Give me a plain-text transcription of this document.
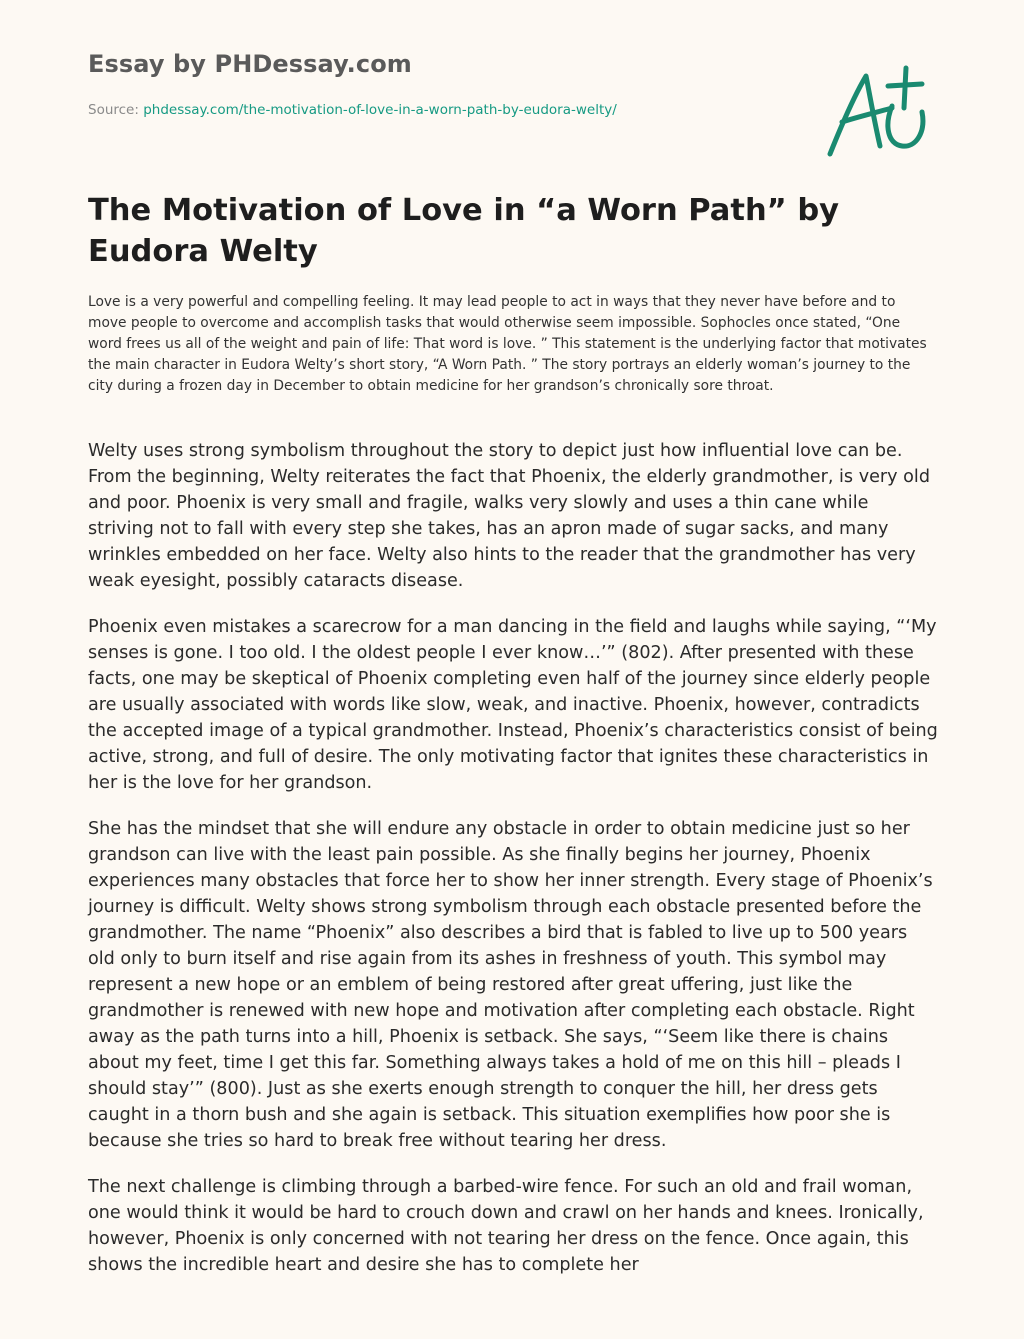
Essay by PHDessay.com
Source: phdessay.com/the-motivation-of-love-in-a-worn-path-by-eudora-welty/
The Motivation of Love in “a Worn Path” by Eudora Welty

Love is a very powerful and compelling feeling. It may lead people to act in ways that they never have before and to move people to overcome and accomplish tasks that would otherwise seem impossible. Sophocles once stated, “One word frees us all of the weight and pain of life: That word is love. ” This statement is the underlying factor that motivates the main character in Eudora Welty’s short story, “A Worn Path. ” The story portrays an elderly woman’s journey to the city during a frozen day in December to obtain medicine for her grandson’s chronically sore throat.

Welty uses strong symbolism throughout the story to depict just how influential love can be. From the beginning, Welty reiterates the fact that Phoenix, the elderly grandmother, is very old and poor. Phoenix is very small and fragile, walks very slowly and uses a thin cane while striving not to fall with every step she takes, has an apron made of sugar sacks, and many wrinkles embedded on her face. Welty also hints to the reader that the grandmother has very weak eyesight, possibly cataracts disease.

Phoenix even mistakes a scarecrow for a man dancing in the field and laughs while saying, “‘My senses is gone. I too old. I the oldest people I ever know…’” (802). After presented with these facts, one may be skeptical of Phoenix completing even half of the journey since elderly people are usually associated with words like slow, weak, and inactive. Phoenix, however, contradicts the accepted image of a typical grandmother. Instead, Phoenix’s characteristics consist of being active, strong, and full of desire. The only motivating factor that ignites these characteristics in her is the love for her grandson.

She has the mindset that she will endure any obstacle in order to obtain medicine just so her grandson can live with the least pain possible. As she finally begins her journey, Phoenix experiences many obstacles that force her to show her inner strength. Every stage of Phoenix’s journey is difficult. Welty shows strong symbolism through each obstacle presented before the grandmother. The name “Phoenix” also describes a bird that is fabled to live up to 500 years old only to burn itself and rise again from its ashes in freshness of youth. This symbol may represent a new hope or an emblem of being restored after great uffering, just like the grandmother is renewed with new hope and motivation after completing each obstacle. Right away as the path turns into a hill, Phoenix is setback. She says, “‘Seem like there is chains about my feet, time I get this far. Something always takes a hold of me on this hill – pleads I should stay’” (800). Just as she exerts enough strength to conquer the hill, her dress gets caught in a thorn bush and she again is setback. This situation exemplifies how poor she is because she tries so hard to break free without tearing her dress.

The next challenge is climbing through a barbed-wire fence. For such an old and frail woman, one would think it would be hard to crouch down and crawl on her hands and knees. Ironically, however, Phoenix is only concerned with not tearing her dress on the fence. Once again, this shows the incredible heart and desire she has to complete her
